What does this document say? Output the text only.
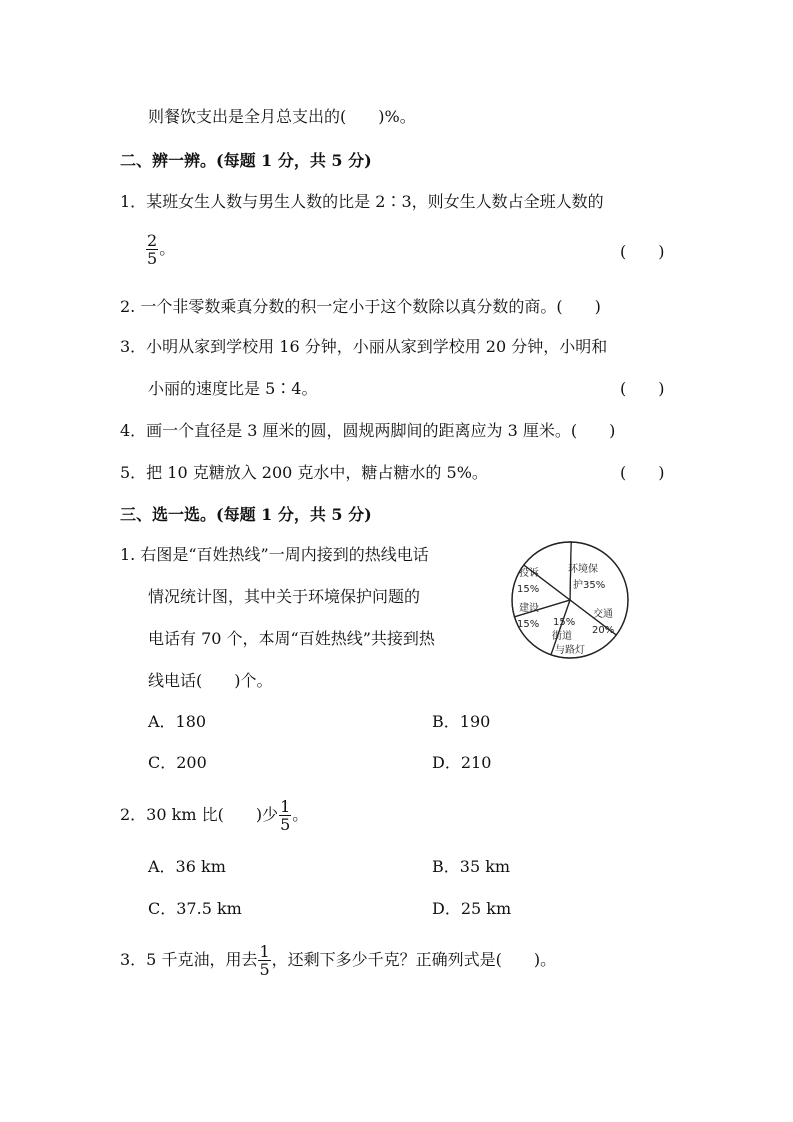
则餐饮支出是全月总支出的(　　)%。
二、辨一辨。(每题 1 分，共 5 分)
1．某班女生人数与男生人数的比是 2∶3，则女生人数占全班人数的
$\frac{2}{5}$ 。	(　　)
2. 一个非零数乘真分数的积一定小于这个数除以真分数的商。(　　)
3．小明从家到学校用 16 分钟，小丽从家到学校用 20 分钟，小明和
小丽的速度比是 5∶4。	(　　)
4．画一个直径是 3 厘米的圆，圆规两脚间的距离应为 3 厘米。(　　)
5．把 10 克糖放入 200 克水中，糖占糖水的 5%。	(　　)
三、选一选。(每题 1 分，共 5 分)
1. 右图是“百姓热线”一周内接到的热线电话
情况统计图，其中关于环境保护问题的
电话有 70 个，本周“百姓热线”共接到热
线电话(　　)个。
投诉
15%
环境保
护35%
建设
15%
交通
20%
15%
街道
与路灯
A．180	B．190
C．200	D．210
2．30 km 比(　　)少 $\frac{1}{5}$ 。
A．36 km	B．35 km
C．37.5 km	D．25 km
3．5 千克油，用去 $\frac{1}{5}$ ，还剩下多少千克？正确列式是(　　)。
